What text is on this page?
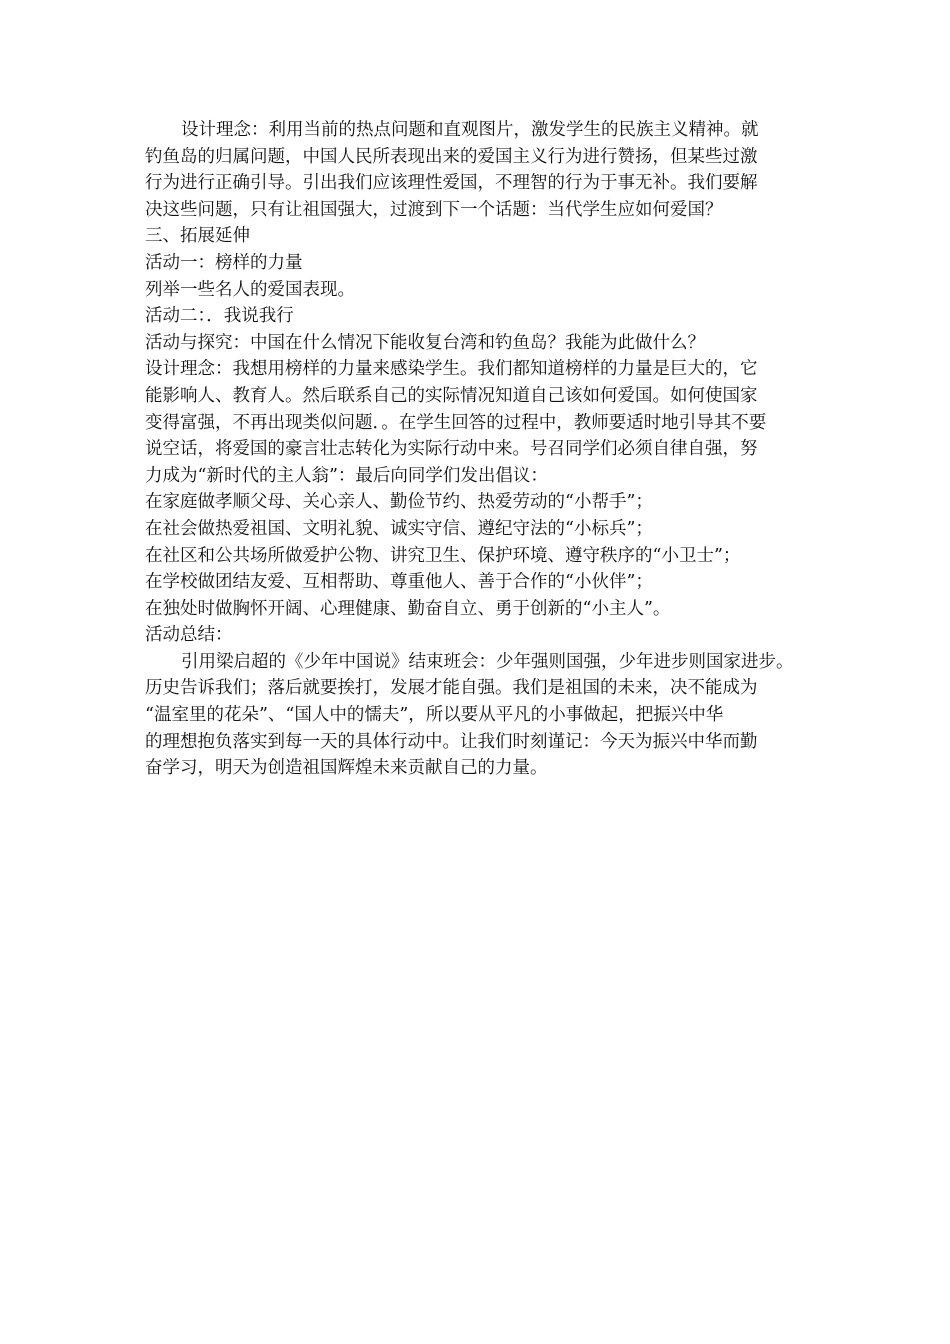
设计理念：利用当前的热点问题和直观图片，激发学生的民族主义精神。就
钓鱼岛的归属问题，中国人民所表现出来的爱国主义行为进行赞扬，但某些过激
行为进行正确引导。引出我们应该理性爱国，不理智的行为于事无补。我们要解
决这些问题，只有让祖国强大，过渡到下一个话题：当代学生应如何爱国？
三、拓展延伸
活动一：榜样的力量
列举一些名人的爱国表现。
活动二：．我说我行
活动与探究：中国在什么情况下能收复台湾和钓鱼岛？我能为此做什么？
设计理念：我想用榜样的力量来感染学生。我们都知道榜样的力量是巨大的，它
能影响人、教育人。然后联系自己的实际情况知道自己该如何爱国。如何使国家
变得富强，不再出现类似问题．。在学生回答的过程中，教师要适时地引导其不要
说空话，将爱国的豪言壮志转化为实际行动中来。号召同学们必须自律自强，努
力成为“新时代的主人翁”：最后向同学们发出倡议：
在家庭做孝顺父母、关心亲人、勤俭节约、热爱劳动的“小帮手”；
在社会做热爱祖国、文明礼貌、诚实守信、遵纪守法的“小标兵”；
在社区和公共场所做爱护公物、讲究卫生、保护环境、遵守秩序的“小卫士”；
在学校做团结友爱、互相帮助、尊重他人、善于合作的“小伙伴”；
在独处时做胸怀开阔、心理健康、勤奋自立、勇于创新的“小主人”。
活动总结：
引用梁启超的《少年中国说》结束班会：少年强则国强，少年进步则国家进步。
历史告诉我们；落后就要挨打，发展才能自强。我们是祖国的未来，决不能成为
“温室里的花朵”、“国人中的懦夫”，所以要从平凡的小事做起，把振兴中华
的理想抱负落实到每一天的具体行动中。让我们时刻谨记：今天为振兴中华而勤
奋学习，明天为创造祖国辉煌未来贡献自己的力量。
